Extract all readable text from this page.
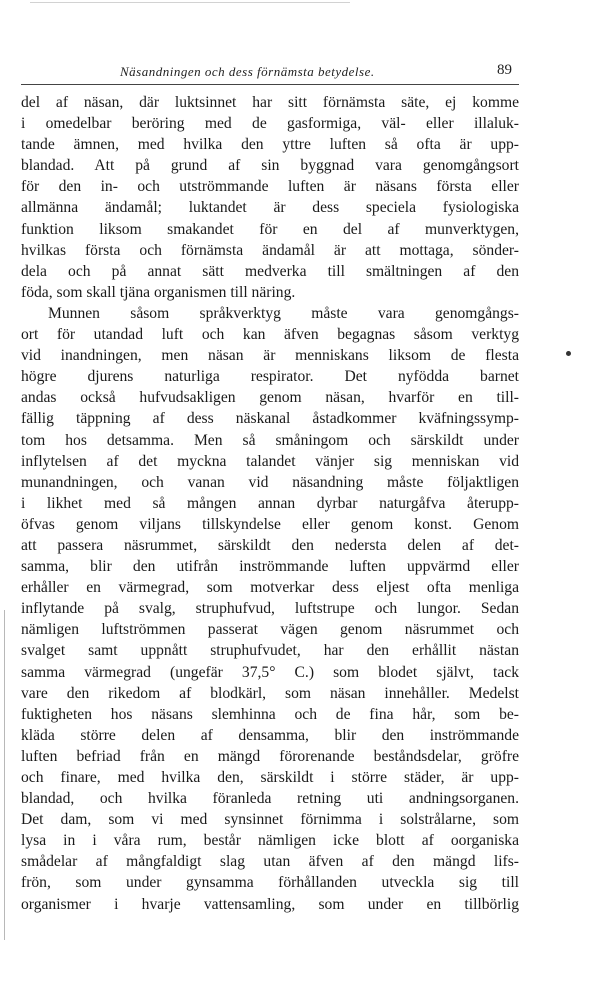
Näsandningen och dess förnämsta betydelse.	89
del af näsan, där luktsinnet har sitt förnämsta säte, ej komme
i omedelbar beröring med de gasformiga, väl- eller illaluk-
tande ämnen, med hvilka den yttre luften så ofta är upp-
blandad. Att på grund af sin byggnad vara genomgångsort
för den in- och utströmmande luften är näsans första eller
allmänna ändamål; luktandet är dess speciela fysiologiska
funktion liksom smakandet för en del af munverktygen,
hvilkas första och förnämsta ändamål är att mottaga, sönder-
dela och på annat sätt medverka till smältningen af den
föda, som skall tjäna organismen till näring.
Munnen såsom språkverktyg måste vara genomgångs-
ort för utandad luft och kan äfven begagnas såsom verktyg
vid inandningen, men näsan är menniskans liksom de flesta
högre djurens naturliga respirator. Det nyfödda barnet
andas också hufvudsakligen genom näsan, hvarför en till-
fällig täppning af dess näskanal åstadkommer kväfningssymp-
tom hos detsamma. Men så småningom och särskildt under
inflytelsen af det myckna talandet vänjer sig menniskan vid
munandningen, och vanan vid näsandning måste följaktligen
i likhet med så mången annan dyrbar naturgåfva återupp-
öfvas genom viljans tillskyndelse eller genom konst. Genom
att passera näsrummet, särskildt den nedersta delen af det-
samma, blir den utifrån inströmmande luften uppvärmd eller
erhåller en värmegrad, som motverkar dess eljest ofta menliga
inflytande på svalg, struphufvud, luftstrupe och lungor. Sedan
nämligen luftströmmen passerat vägen genom näsrummet och
svalget samt uppnått struphufvudet, har den erhållit nästan
samma värmegrad (ungefär 37,5° C.) som blodet självt, tack
vare den rikedom af blodkärl, som näsan innehåller. Medelst
fuktigheten hos näsans slemhinna och de fina hår, som be-
kläda större delen af densamma, blir den inströmmande
luften befriad från en mängd förorenande beståndsdelar, gröfre
och finare, med hvilka den, särskildt i större städer, är upp-
blandad, och hvilka föranleda retning uti andningsorganen.
Det dam, som vi med synsinnet förnimma i solstrålarne, som
lysa in i våra rum, består nämligen icke blott af oorganiska
smådelar af mångfaldigt slag utan äfven af den mängd lifs-
frön, som under gynsamma förhållanden utveckla sig till
organismer i hvarje vattensamling, som under en tillbörlig
